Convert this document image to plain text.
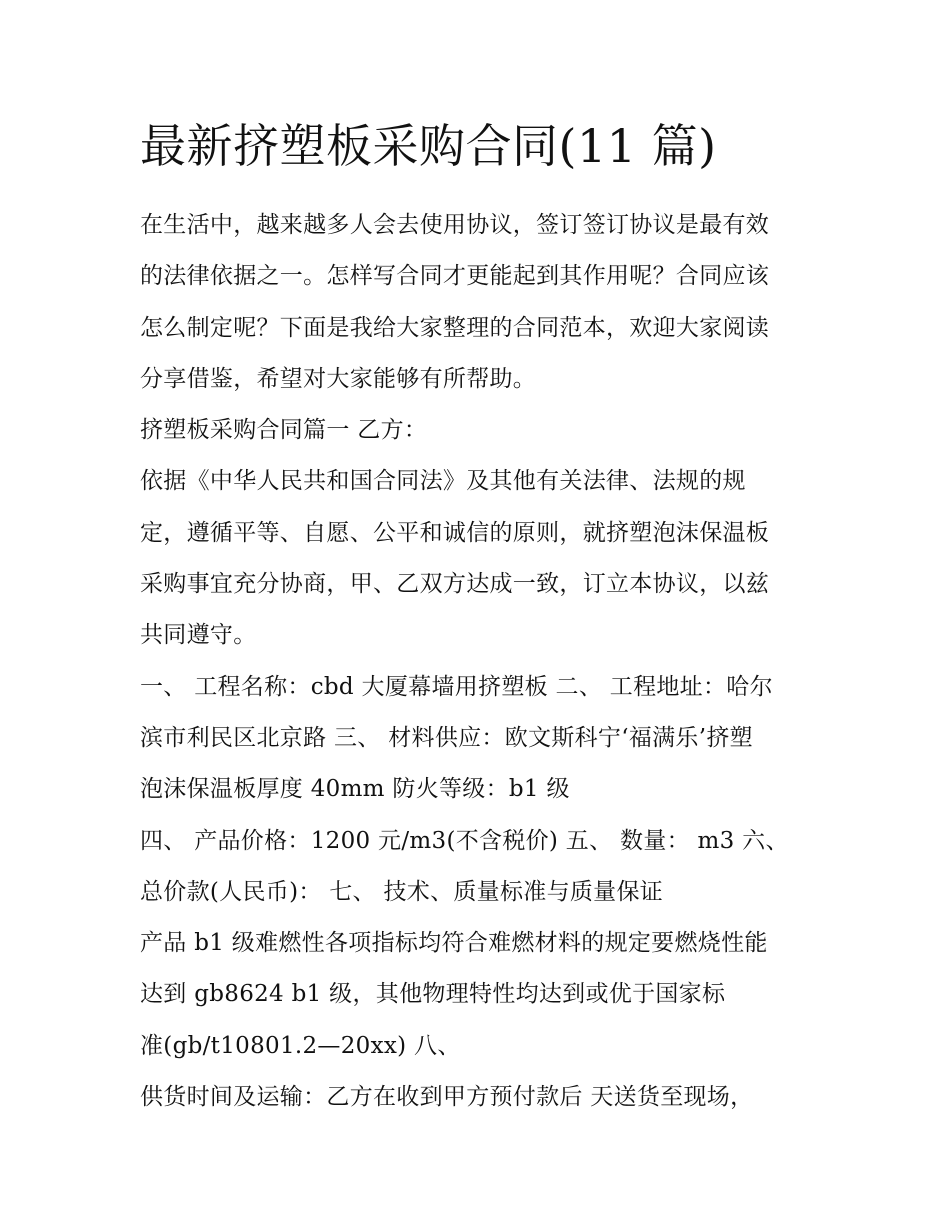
最新挤塑板采购合同(11 篇)
在生活中，越来越多人会去使用协议，签订签订协议是最有效
的法律依据之一。怎样写合同才更能起到其作用呢？合同应该
怎么制定呢？下面是我给大家整理的合同范本，欢迎大家阅读
分享借鉴，希望对大家能够有所帮助。
挤塑板采购合同篇一 乙方：
依据《中华人民共和国合同法》及其他有关法律、法规的规
定，遵循平等、自愿、公平和诚信的原则，就挤塑泡沫保温板
采购事宜充分协商，甲、乙双方达成一致，订立本协议，以兹
共同遵守。
一、 工程名称：cbd 大厦幕墙用挤塑板 二、 工程地址：哈尔
滨市利民区北京路 三、 材料供应：欧文斯科宁‘福满乐’挤塑
泡沫保温板厚度 40mm 防火等级：b1 级
四、 产品价格：1200 元/m3(不含税价) 五、 数量： m3 六、
总价款(人民币)： 七、 技术、质量标准与质量保证
产品 b1 级难燃性各项指标均符合难燃材料的规定要燃烧性能
达到 gb8624 b1 级，其他物理特性均达到或优于国家标
准(gb/t10801.2—20xx) 八、
供货时间及运输：乙方在收到甲方预付款后 天送货至现场，
